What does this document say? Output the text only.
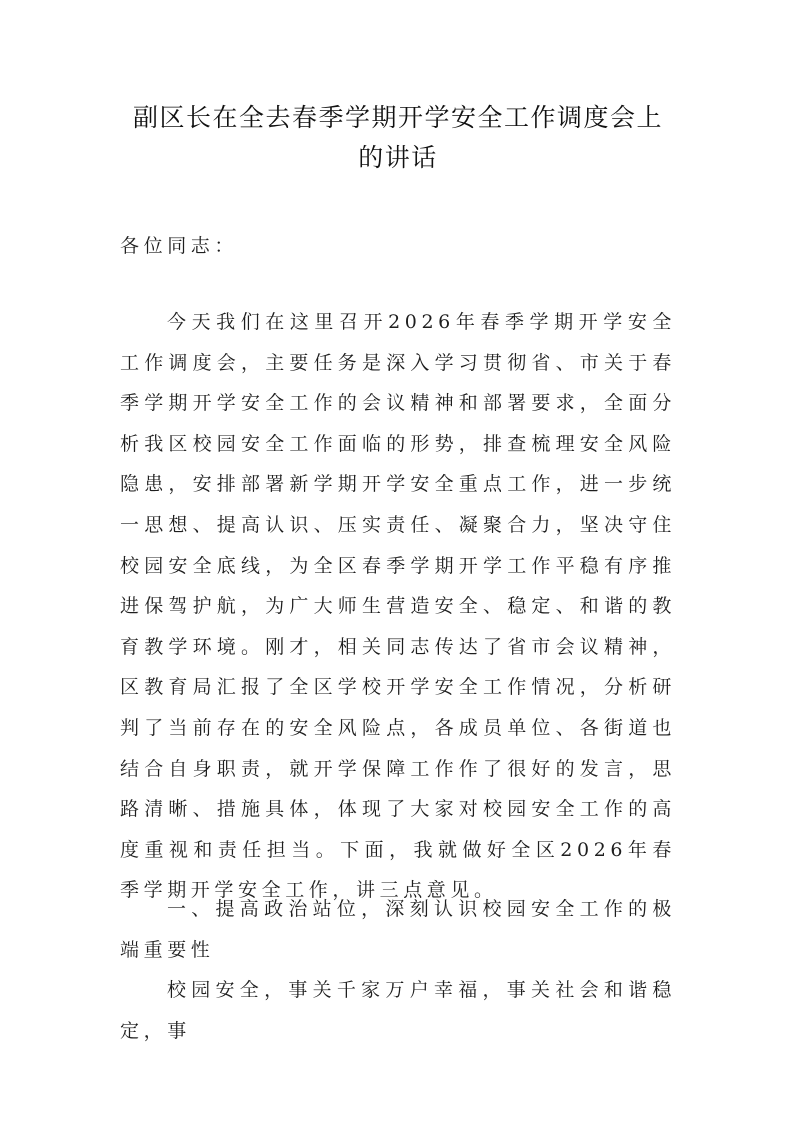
副区长在全去春季学期开学安全工作调度会上的讲话

各位同志：

今天我们在这里召开2026年春季学期开学安全工作调度会，主要任务是深入学习贯彻省、市关于春季学期开学安全工作的会议精神和部署要求，全面分析我区校园安全工作面临的形势，排查梳理安全风险隐患，安排部署新学期开学安全重点工作，进一步统一思想、提高认识、压实责任、凝聚合力，坚决守住校园安全底线，为全区春季学期开学工作平稳有序推进保驾护航，为广大师生营造安全、稳定、和谐的教育教学环境。刚才，相关同志传达了省市会议精神，区教育局汇报了全区学校开学安全工作情况，分析研判了当前存在的安全风险点，各成员单位、各街道也结合自身职责，就开学保障工作作了很好的发言，思路清晰、措施具体，体现了大家对校园安全工作的高度重视和责任担当。下面，我就做好全区2026年春季学期开学安全工作，讲三点意见。

一、提高政治站位，深刻认识校园安全工作的极端重要性

校园安全，事关千家万户幸福，事关社会和谐稳定，事
